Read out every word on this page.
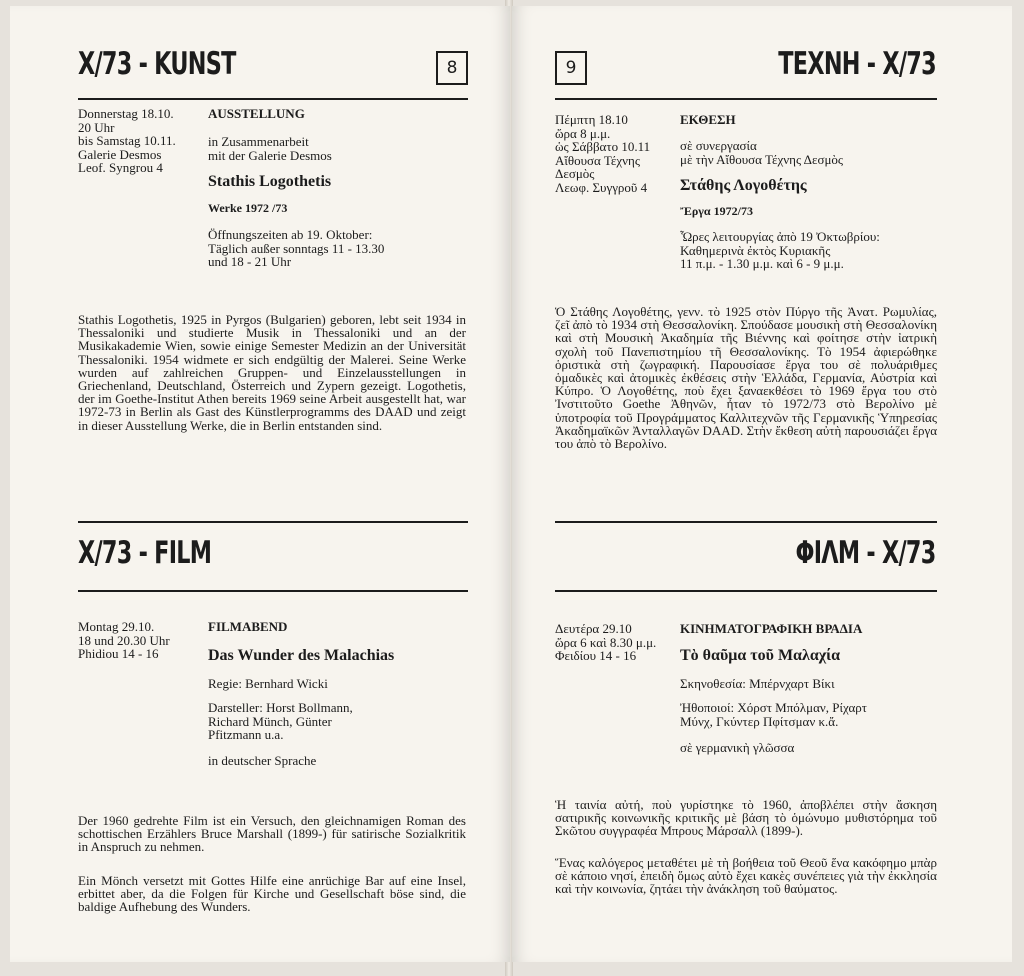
X/73 - KUNST	8
Donnerstag 18.10.
20 Uhr
bis Samstag 10.11.
Galerie Desmos
Leof. Syngrou 4
AUSSTELLUNG
in Zusammenarbeit
mit der Galerie Desmos
Stathis Logothetis
Werke 1972 /73
Öffnungszeiten ab 19. Oktober:
Täglich außer sonntags 11 - 13.30
und 18 - 21 Uhr
Stathis Logothetis, 1925 in Pyrgos (Bulgarien) geboren, lebt seit 1934 in Thessaloniki und studierte Musik in Thessaloniki und an der Musikakademie Wien, sowie einige Semester Medizin an der Universität Thessaloniki. 1954 widmete er sich endgültig der Malerei. Seine Werke wurden auf zahlreichen Gruppen- und Einzelausstellungen in Griechenland, Deutschland, Österreich und Zypern gezeigt. Logothetis, der im Goethe-Institut Athen bereits 1969 seine Arbeit ausgestellt hat, war 1972-73 in Berlin als Gast des Künstlerprogramms des DAAD und zeigt in dieser Ausstellung Werke, die in Berlin entstanden sind.
X/73 - FILM
Montag 29.10.
18 und 20.30 Uhr
Phidiou 14 - 16
FILMABEND
Das Wunder des Malachias
Regie: Bernhard Wicki
Darsteller: Horst Bollmann,
Richard Münch, Günter
Pfitzmann u.a.
in deutscher Sprache
Der 1960 gedrehte Film ist ein Versuch, den gleichnamigen Roman des schottischen Erzählers Bruce Marshall (1899-) für satirische Sozialkritik in Anspruch zu nehmen.
Ein Mönch versetzt mit Gottes Hilfe eine anrüchige Bar auf eine Insel, erbittet aber, da die Folgen für Kirche und Gesellschaft böse sind, die baldige Aufhebung des Wunders.
9	ΤΕΧΝΗ - Χ/73
Πέμπτη 18.10
ὥρα 8 μ.μ.
ὡς Σάββατο 10.11
Αἴθουσα Τέχνης
Δεσμὸς
Λεωφ. Συγγροῦ 4
ΕΚΘΕΣΗ
σὲ συνεργασία
μὲ τὴν Αἴθουσα Τέχνης Δεσμὸς
Στάθης Λογοθέτης
Ἔργα 1972/73
Ὧρες λειτουργίας ἀπὸ 19 Ὀκτωβρίου:
Καθημερινὰ ἐκτὸς Κυριακῆς
11 π.μ. - 1.30 μ.μ. καὶ 6 - 9 μ.μ.
Ὁ Στάθης Λογοθέτης, γενν. τὸ 1925 στὸν Πύργο τῆς Ἀνατ. Ρωμυλίας, ζεῖ ἀπὸ τὸ 1934 στὴ Θεσσαλονίκη. Σπούδασε μουσικὴ στὴ Θεσσαλονίκη καὶ στὴ Μουσικὴ Ἀκαδημία τῆς Βιέννης καὶ φοίτησε στὴν ἰατρικὴ σχολὴ τοῦ Πανεπιστημίου τῆ Θεσσαλονίκης. Τὸ 1954 ἀφιερώθηκε ὁριστικὰ στὴ ζωγραφική. Παρουσίασε ἔργα του σὲ πολυάριθμες ὁμαδικὲς καὶ ἀτομικὲς ἐκθέσεις στὴν Ἑλλάδα, Γερμανία, Αὐστρία καὶ Κύπρο. Ὁ Λογοθέτης, ποὺ ἔχει ξαναεκθέσει τὸ 1969 ἔργα του στὸ Ἰνστιτοῦτο Goethe Ἀθηνῶν, ἦταν τὸ 1972/73 στὸ Βερολίνο μὲ ὑποτροφία τοῦ Προγράμματος Καλλιτεχνῶν τῆς Γερμανικῆς Ὑπηρεσίας Ἀκαδημαϊκῶν Ἀνταλλαγῶν DAAD. Στὴν ἔκθεση αὐτὴ παρουσιάζει ἔργα του ἀπὸ τὸ Βερολίνο.
ΦΙΛΜ - Χ/73
Δευτέρα 29.10
ὥρα 6 καὶ 8.30 μ.μ.
Φειδίου 14 - 16
ΚΙΝΗΜΑΤΟΓΡΑΦΙΚΗ ΒΡΑΔΙΑ
Τὸ θαῦμα τοῦ Μαλαχία
Σκηνοθεσία: Μπέρνχαρτ Βίκι
Ἠθοποιοί: Χόρστ Μπόλμαν, Ρίχαρτ
Μύνχ, Γκύντερ Πφίτσμαν κ.ἄ.
σὲ γερμανικὴ γλῶσσα
Ἡ ταινία αὐτή, ποὺ γυρίστηκε τὸ 1960, ἀποβλέπει στὴν ἄσκηση σατιρικῆς κοινωνικῆς κριτικῆς μὲ βάση τὸ ὁμώνυμο μυθιστόρημα τοῦ Σκῶτου συγγραφέα Μπρους Μάρσαλλ (1899-).
Ἕνας καλόγερος μεταθέτει μὲ τὴ βοήθεια τοῦ Θεοῦ ἕνα κακόφημο μπὰρ σὲ κάποιο νησί, ἐπειδὴ ὅμως αὐτὸ ἔχει κακὲς συνέπειες γιὰ τὴν ἐκκλησία καὶ τὴν κοινωνία, ζητάει τὴν ἀνάκληση τοῦ θαύματος.
